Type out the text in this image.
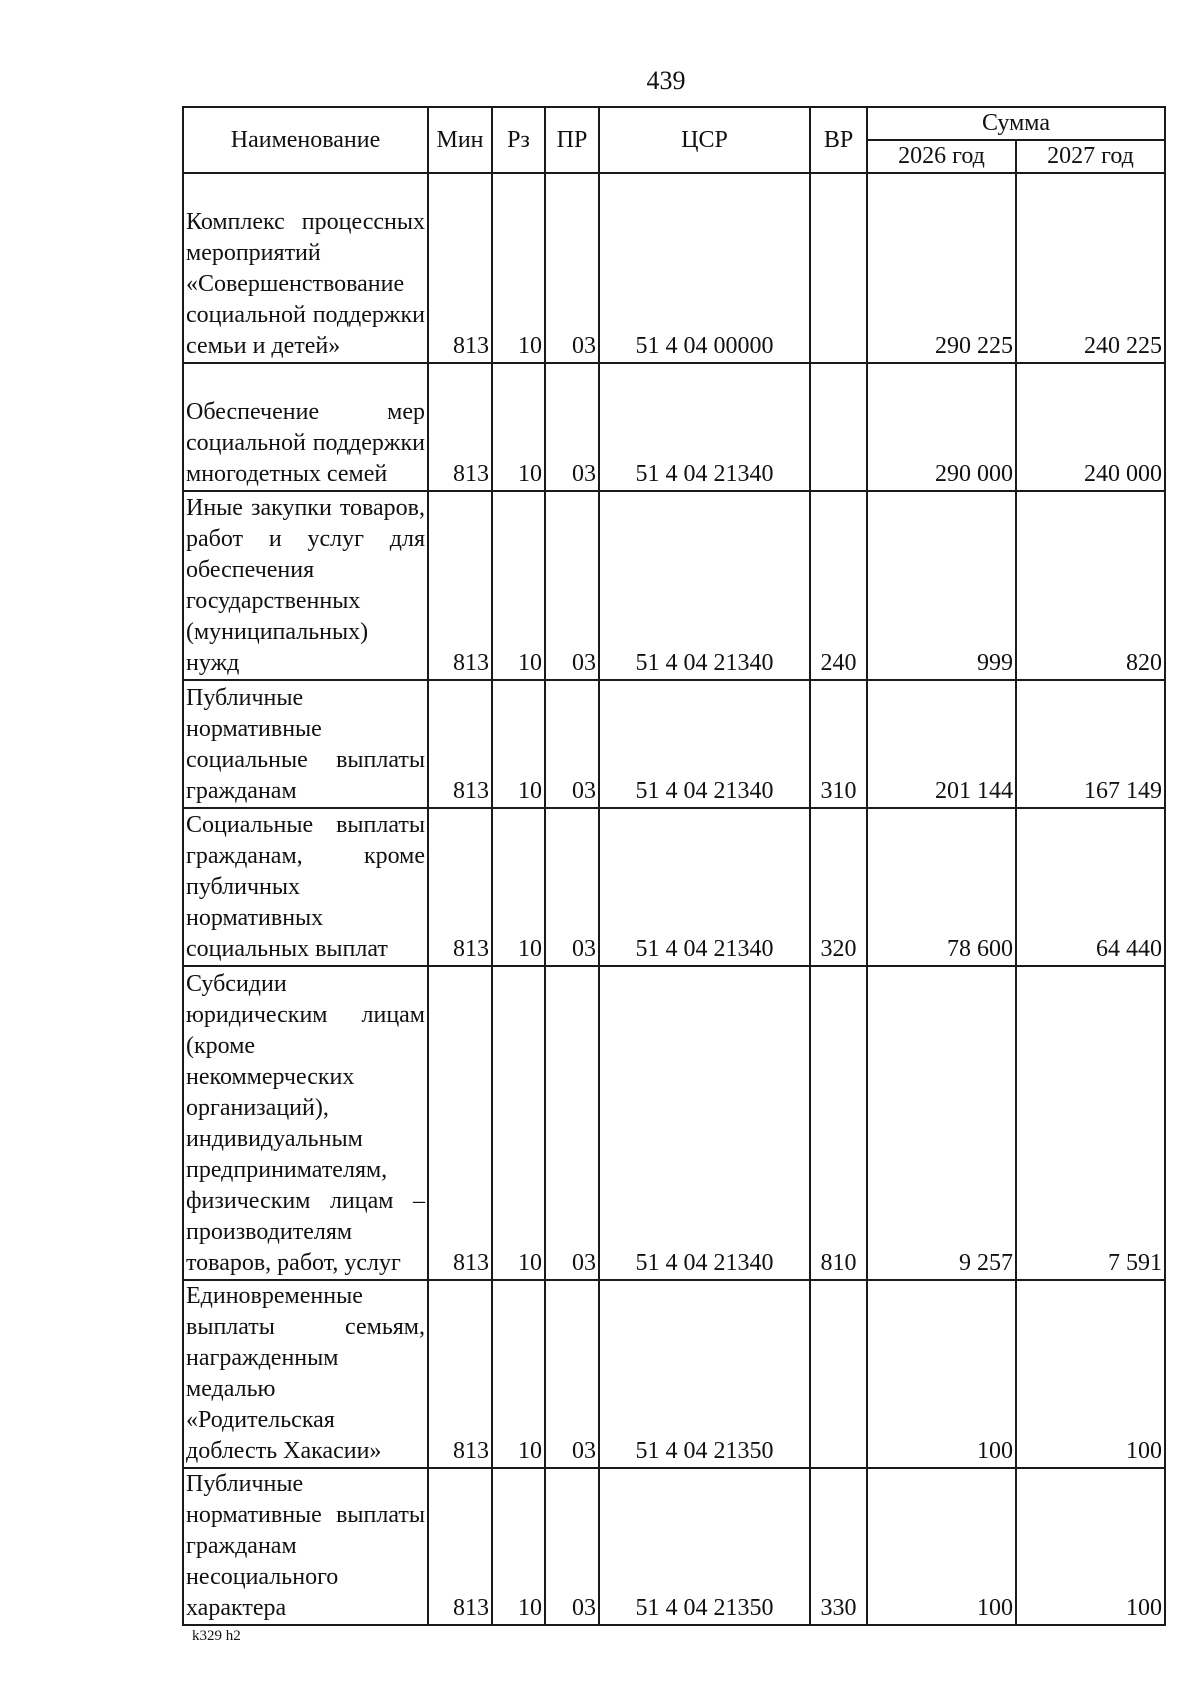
439
Наименование	Мин	Рз	ПР	ЦСР	ВР	Сумма	
						2026 год	2027 год
Комплекс процессных мероприятий «Совершенствование социальной поддержки семьи и детей»	813	10	03	51 4 04 00000		290 225	240 225
Обеспечение мер социальной поддержки многодетных семей	813	10	03	51 4 04 21340		290 000	240 000
Иные закупки товаров, работ и услуг для обеспечения государственных (муниципальных) нужд	813	10	03	51 4 04 21340	240	999	820
Публичные нормативные социальные выплаты гражданам	813	10	03	51 4 04 21340	310	201 144	167 149
Социальные выплаты гражданам, кроме публичных нормативных социальных выплат	813	10	03	51 4 04 21340	320	78 600	64 440
Субсидии юридическим лицам (кроме некоммерческих организаций), индивидуальным предпринимателям, физическим лицам – производителям товаров, работ, услуг	813	10	03	51 4 04 21340	810	9 257	7 591
Единовременные выплаты семьям, награжденным медалью «Родительская доблесть Хакасии»	813	10	03	51 4 04 21350		100	100
Публичные нормативные выплаты гражданам несоциального характера	813	10	03	51 4 04 21350	330	100	100
k329 h2
